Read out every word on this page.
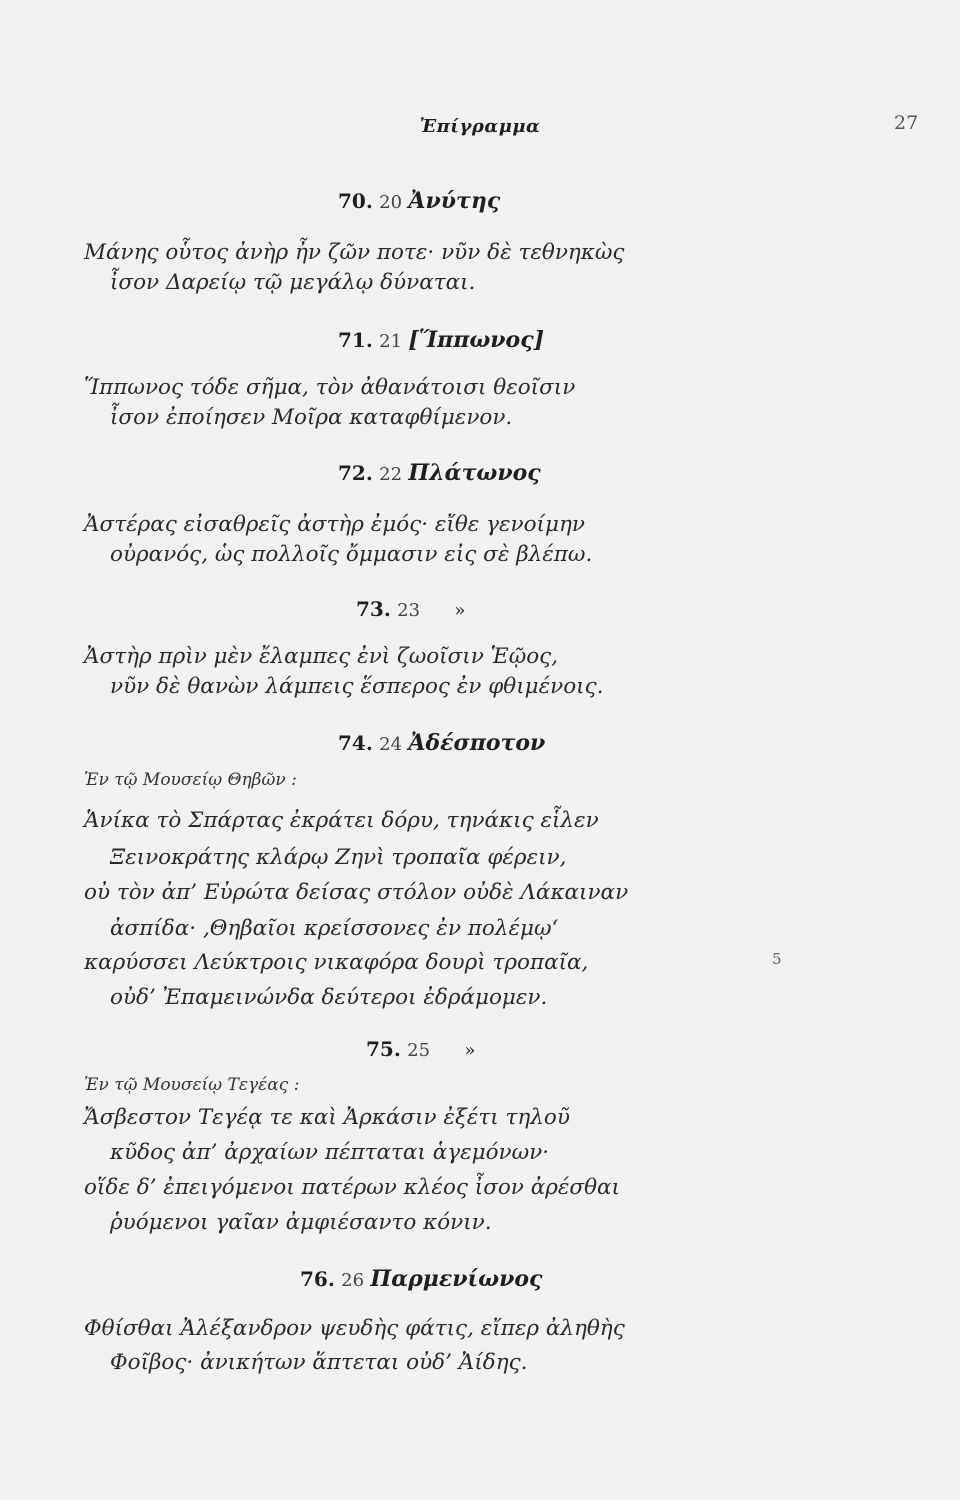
Ἐπίγραμμα	27
70. 20 Ἀνύτης
Μάνης οὗτος ἀνὴρ ἦν ζῶν ποτε· νῦν δὲ τεθνηκὼς
ἶσον Δαρείῳ τῷ μεγάλῳ δύναται.
71. 21 [Ἵππωνος]
Ἵππωνος τόδε σῆμα, τὸν ἀθανάτοισι θεοῖσιν
ἶσον ἐποίησεν Μοῖρα καταφθίμενον.
72. 22 Πλάτωνος
Ἀστέρας εἰσαθρεῖς ἀστὴρ ἐμός· εἴθε γενοίμην
οὐρανός, ὡς πολλοῖς ὄμμασιν εἰς σὲ βλέπω.
73. 23 »
Ἀστὴρ πρὶν μὲν ἔλαμπες ἐνὶ ζωοῖσιν Ἑῷος,
νῦν δὲ θανὼν λάμπεις ἕσπερος ἐν φθιμένοις.
74. 24 Ἀδέσποτον
Ἐν τῷ Μουσείῳ Θηβῶν :
Ἁνίκα τὸ Σπάρτας ἐκράτει δόρυ, τηνάκις εἷλεν
Ξεινοκράτης κλάρῳ Ζηνὶ τροπαῖα φέρειν,
οὐ τὸν ἀπ’ Εὐρώτα δείσας στόλον οὐδὲ Λάκαιναν
ἀσπίδα· ‚Θηβαῖοι κρείσσονες ἐν πολέμῳ‘
καρύσσει Λεύκτροις νικαφόρα δουρὶ τροπαῖα,
οὐδ’ Ἐπαμεινώνδα δεύτεροι ἐδράμομεν.
5
75. 25 »
Ἐν τῷ Μουσείῳ Τεγέας :
Ἄσβεστον Τεγέᾳ τε καὶ Ἀρκάσιν ἐξέτι τηλοῦ
κῦδος ἀπ’ ἀρχαίων πέπταται ἁγεμόνων·
οἵδε δ’ ἐπειγόμενοι πατέρων κλέος ἶσον ἀρέσθαι
ῥυόμενοι γαῖαν ἀμφιέσαντο κόνιν.
76. 26 Παρμενίωνος
Φθίσθαι Ἀλέξανδρον ψευδὴς φάτις, εἴπερ ἀληθὴς
Φοῖβος· ἀνικήτων ἅπτεται οὐδ’ Ἀίδης.
